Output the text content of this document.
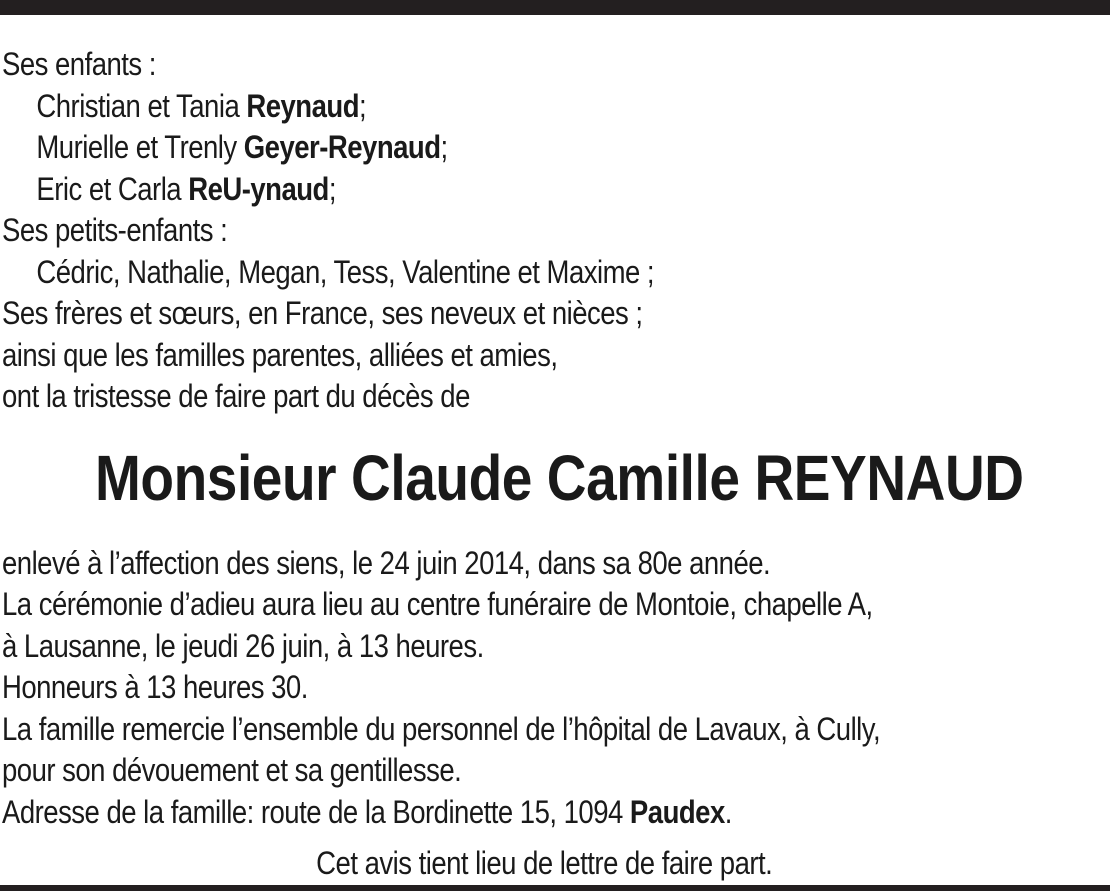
Ses enfants :
Christian et Tania Reynaud;
Murielle et Trenly Geyer-Reynaud;
Eric et Carla ReU-ynaud;
Ses petits-enfants :
Cédric, Nathalie, Megan, Tess, Valentine et Maxime ;
Ses frères et sœurs, en France, ses neveux et nièces ;
ainsi que les familles parentes, alliées et amies,
ont la tristesse de faire part du décès de
Monsieur Claude Camille REYNAUD
enlevé à l’affection des siens, le 24 juin 2014, dans sa 80e année.
La cérémonie d’adieu aura lieu au centre funéraire de Montoie, chapelle A,
à Lausanne, le jeudi 26 juin, à 13 heures.
Honneurs à 13 heures 30.
La famille remercie l’ensemble du personnel de l’hôpital de Lavaux, à Cully,
pour son dévouement et sa gentillesse.
Adresse de la famille: route de la Bordinette 15, 1094 Paudex.
Cet avis tient lieu de lettre de faire part.
